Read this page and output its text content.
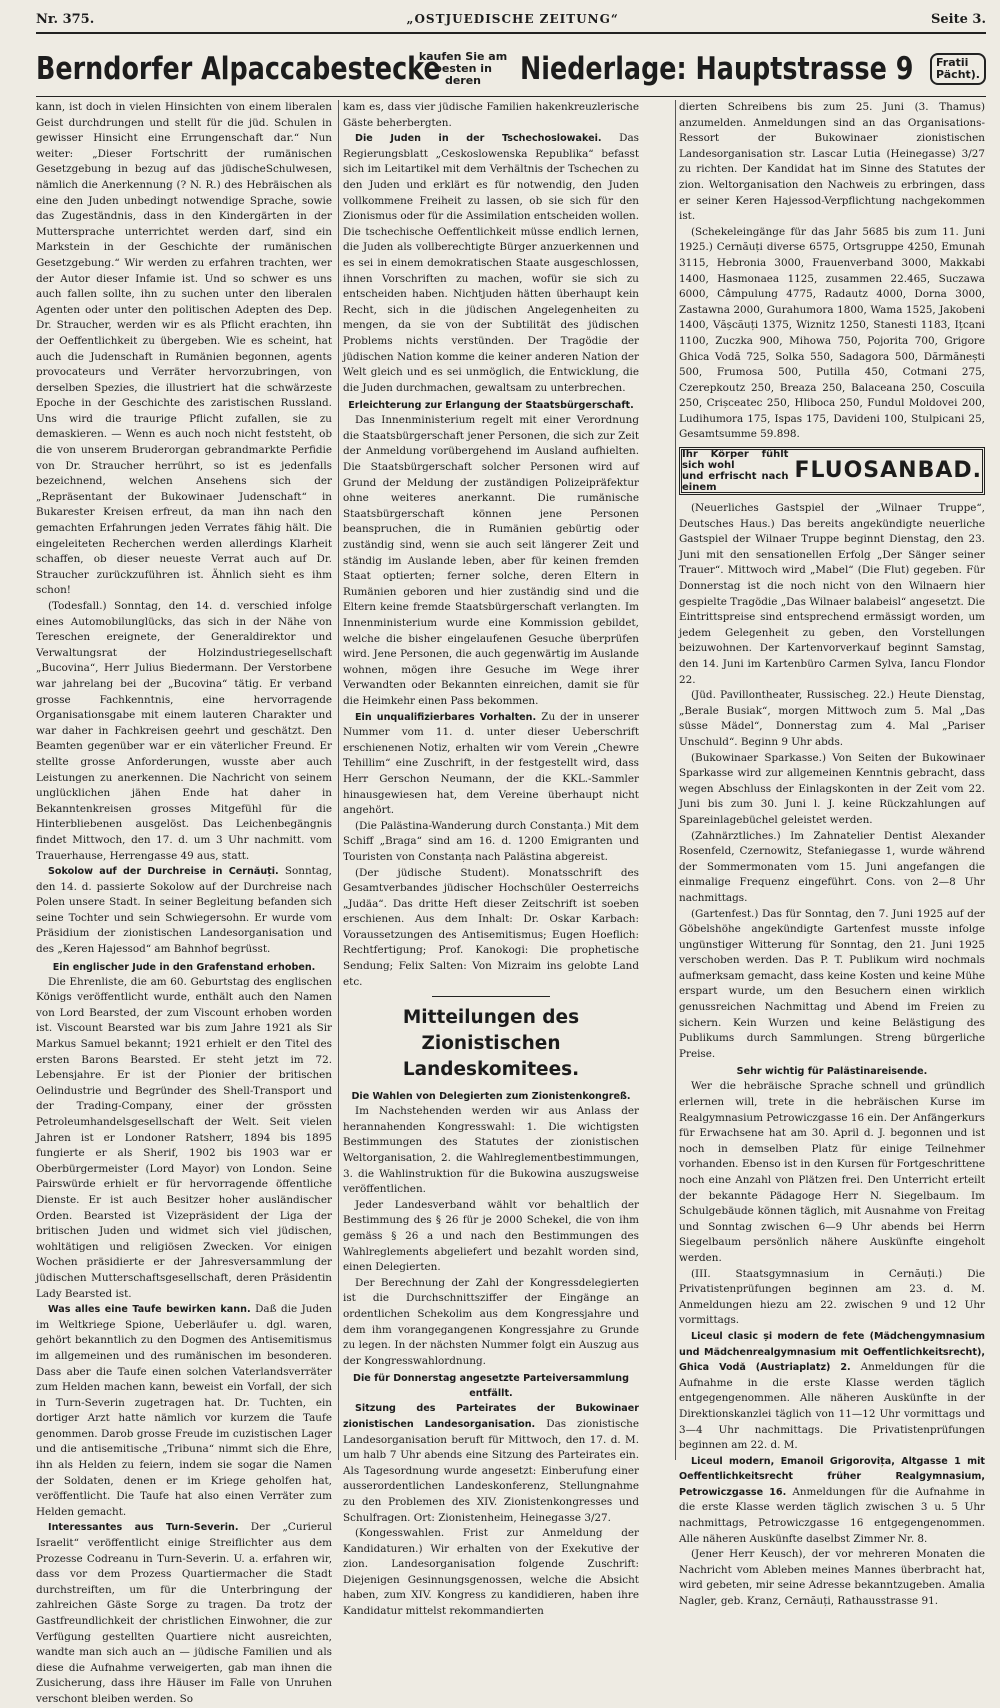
Nr. 375.	„OSTJUEDISCHE ZEITUNG“	Seite 3.
Berndorfer Alpaccabestecke
kaufen Sie am
besten in deren	Niederlage: Hauptstrasse 9	Fratii
Pächt).

kann, ist doch in vielen Hinsichten von einem liberalen Geist durchdrungen und stellt für die jüd. Schulen in gewisser Hinsicht eine Errungenschaft dar.“ Nun weiter: „Dieser Fortschritt der rumänischen Gesetzgebung in bezug auf das jüdischeSchulwesen, nämlich die Anerkennung (? N. R.) des Hebräischen als eine den Juden unbedingt notwendige Sprache, sowie das Zugeständnis, dass in den Kindergärten in der Muttersprache unterrichtet werden darf, sind ein Markstein in der Geschichte der rumänischen Gesetzgebung.“ Wir werden zu erfahren trachten, wer der Autor dieser Infamie ist. Und so schwer es uns auch fallen sollte, ihn zu suchen unter den liberalen Agenten oder unter den politischen Adepten des Dep. Dr. Straucher, werden wir es als Pflicht erachten, ihn der Oeffentlichkeit zu übergeben. Wie es scheint, hat auch die Judenschaft in Rumänien begonnen, agents provocateurs und Verräter hervorzubringen, von derselben Spezies, die illustriert hat die schwärzeste Epoche in der Geschichte des zaristischen Russland. Uns wird die traurige Pflicht zufallen, sie zu demaskieren. — Wenn es auch noch nicht feststeht, ob die von unserem Bruderorgan gebrandmarkte Perfidie von Dr. Straucher herrührt, so ist es jedenfalls bezeichnend, welchen Ansehens sich der „Repräsentant der Bukowinaer Judenschaft“ in Bukarester Kreisen erfreut, da man ihn nach den gemachten Erfahrungen jeden Verrates fähig hält. Die eingeleiteten Recherchen werden allerdings Klarheit schaffen, ob dieser neueste Verrat auch auf Dr. Straucher zurückzuführen ist. Ähnlich sieht es ihm schon!

(Todesfall.) Sonntag, den 14. d. verschied infolge eines Automobilunglücks, das sich in der Nähe von Tereschen ereignete, der Generaldirektor und Verwaltungsrat der Holzindustriegesellschaft „Bucovina“, Herr Julius Biedermann. Der Verstorbene war jahrelang bei der „Bucovina“ tätig. Er verband grosse Fachkenntnis, eine hervorragende Organisationsgabe mit einem lauteren Charakter und war daher in Fachkreisen geehrt und geschätzt. Den Beamten gegenüber war er ein väterlicher Freund. Er stellte grosse Anforderungen, wusste aber auch Leistungen zu anerkennen. Die Nachricht von seinem unglücklichen jähen Ende hat daher in Bekanntenkreisen grosses Mitgefühl für die Hinterbliebenen ausgelöst. Das Leichenbegängnis findet Mittwoch, den 17. d. um 3 Uhr nachmitt. vom Trauerhause, Herrengasse 49 aus, statt.

Sokolow auf der Durchreise in Cernăuți. Sonntag, den 14. d. passierte Sokolow auf der Durchreise nach Polen unsere Stadt. In seiner Begleitung befanden sich seine Tochter und sein Schwiegersohn. Er wurde vom Präsidium der zionistischen Landesorganisation und des „Keren Hajessod“ am Bahnhof begrüsst.

Ein englischer Jude in den Grafenstand erhoben.

Die Ehrenliste, die am 60. Geburtstag des englischen Königs veröffentlicht wurde, enthält auch den Namen von Lord Bearsted, der zum Viscount erhoben worden ist. Viscount Bearsted war bis zum Jahre 1921 als Sir Markus Samuel bekannt; 1921 erhielt er den Titel des ersten Barons Bearsted. Er steht jetzt im 72. Lebensjahre. Er ist der Pionier der britischen Oelindustrie und Begründer des Shell-Transport und der Trading-Company, einer der grössten Petroleumhandelsgesellschaft der Welt. Seit vielen Jahren ist er Londoner Ratsherr, 1894 bis 1895 fungierte er als Sherif, 1902 bis 1903 war er Oberbürgermeister (Lord Mayor) von London. Seine Pairswürde erhielt er für hervorragende öffentliche Dienste. Er ist auch Besitzer hoher ausländischer Orden. Bearsted ist Vizepräsident der Liga der britischen Juden und widmet sich viel jüdischen, wohltätigen und religiösen Zwecken. Vor einigen Wochen präsidierte er der Jahresversammlung der jüdischen Mutterschaftsgesellschaft, deren Präsidentin Lady Bearsted ist.

Was alles eine Taufe bewirken kann. Daß die Juden im Weltkriege Spione, Ueberläufer u. dgl. waren, gehört bekanntlich zu den Dogmen des Antisemitismus im allgemeinen und des rumänischen im besonderen. Dass aber die Taufe einen solchen Vaterlandsverräter zum Helden machen kann, beweist ein Vorfall, der sich in Turn-Severin zugetragen hat. Dr. Tuchten, ein dortiger Arzt hatte nämlich vor kurzem die Taufe genommen. Darob grosse Freude im cuzistischen Lager und die antisemitische „Tribuna“ nimmt sich die Ehre, ihn als Helden zu feiern, indem sie sogar die Namen der Soldaten, denen er im Kriege geholfen hat, veröffentlicht. Die Taufe hat also einen Verräter zum Helden gemacht.

Interessantes aus Turn-Severin. Der „Curierul Israelit“ veröffentlicht einige Streiflichter aus dem Prozesse Codreanu in Turn-Severin. U. a. erfahren wir, dass vor dem Prozess Quartiermacher die Stadt durchstreiften, um für die Unterbringung der zahlreichen Gäste Sorge zu tragen. Da trotz der Gastfreundlichkeit der christlichen Einwohner, die zur Verfügung gestellten Quartiere nicht ausreichten, wandte man sich auch an — jüdische Familien und als diese die Aufnahme verweigerten, gab man ihnen die Zusicherung, dass ihre Häuser im Falle von Unruhen verschont bleiben werden. So

kam es, dass vier jüdische Familien hakenkreuzlerische Gäste beherbergten.

Die Juden in der Tschechoslowakei. Das Regierungsblatt „Ceskoslowenska Republika“ befasst sich im Leitartikel mit dem Verhältnis der Tschechen zu den Juden und erklärt es für notwendig, den Juden vollkommene Freiheit zu lassen, ob sie sich für den Zionismus oder für die Assimilation entscheiden wollen. Die tschechische Oeffentlichkeit müsse endlich lernen, die Juden als vollberechtigte Bürger anzuerkennen und es sei in einem demokratischen Staate ausgeschlossen, ihnen Vorschriften zu machen, wofür sie sich zu entscheiden haben. Nichtjuden hätten überhaupt kein Recht, sich in die jüdischen Angelegenheiten zu mengen, da sie von der Subtilität des jüdischen Problems nichts verstünden. Der Tragödie der jüdischen Nation komme die keiner anderen Nation der Welt gleich und es sei unmöglich, die Entwicklung, die die Juden durchmachen, gewaltsam zu unterbrechen.

Erleichterung zur Erlangung der Staatsbürgerschaft.

Das Innenministerium regelt mit einer Verordnung die Staatsbürgerschaft jener Personen, die sich zur Zeit der Anmeldung vorübergehend im Ausland aufhielten. Die Staatsbürgerschaft solcher Personen wird auf Grund der Meldung der zuständigen Polizeipräfektur ohne weiteres anerkannt. Die rumänische Staatsbürgerschaft können jene Personen beanspruchen, die in Rumänien gebürtig oder zuständig sind, wenn sie auch seit längerer Zeit und ständig im Auslande leben, aber für keinen fremden Staat optierten; ferner solche, deren Eltern in Rumänien geboren und hier zuständig sind und die Eltern keine fremde Staatsbürgerschaft verlangten. Im Innenministerium wurde eine Kommission gebildet, welche die bisher eingelaufenen Gesuche überprüfen wird. Jene Personen, die auch gegenwärtig im Auslande wohnen, mögen ihre Gesuche im Wege ihrer Verwandten oder Bekannten einreichen, damit sie für die Heimkehr einen Pass bekommen.

Ein unqualifizierbares Vorhalten. Zu der in unserer Nummer vom 11. d. unter dieser Ueberschrift erschienenen Notiz, erhalten wir vom Verein „Chewre Tehillim“ eine Zuschrift, in der festgestellt wird, dass Herr Gerschon Neumann, der die KKL.-Sammler hinausgewiesen hat, dem Vereine überhaupt nicht angehört.

(Die Palästina-Wanderung durch Constanța.) Mit dem Schiff „Braga“ sind am 16. d. 1200 Emigranten und Touristen von Constanța nach Palästina abgereist.

(Der jüdische Student). Monatsschrift des Gesamtverbandes jüdischer Hochschüler Oesterreichs „Judäa“. Das dritte Heft dieser Zeitschrift ist soeben erschienen. Aus dem Inhalt: Dr. Oskar Karbach: Voraussetzungen des Antisemitismus; Eugen Hoeflich: Rechtfertigung; Prof. Kanokogi: Die prophetische Sendung; Felix Salten: Von Mizraim ins gelobte Land etc.

Mitteilungen des Zionistischen Landeskomitees.
Die Wahlen von Delegierten zum Zionistenkongreß.

Im Nachstehenden werden wir aus Anlass der herannahenden Kongresswahl: 1. Die wichtigsten Bestimmungen des Statutes der zionistischen Weltorganisation, 2. die Wahlreglementbestimmungen, 3. die Wahlinstruktion für die Bukowina auszugsweise veröffentlichen.

Jeder Landesverband wählt vor behaltlich der Bestimmung des § 26 für je 2000 Schekel, die von ihm gemäss § 26 a und nach den Bestimmungen des Wahlreglements abgeliefert und bezahlt worden sind, einen Delegierten.

Der Berechnung der Zahl der Kongressdelegierten ist die Durchschnittsziffer der Eingänge an ordentlichen Schekolim aus dem Kongressjahre und dem ihm vorangegangenen Kongressjahre zu Grunde zu legen. In der nächsten Nummer folgt ein Auszug aus der Kongresswahlordnung.

Die für Donnerstag angesetzte Parteiversammlung entfällt.

Sitzung des Parteirates der Bukowinaer zionistischen Landesorganisation. Das zionistische Landesorganisation beruft für Mittwoch, den 17. d. M. um halb 7 Uhr abends eine Sitzung des Parteirates ein. Als Tagesordnung wurde angesetzt: Einberufung einer ausserordentlichen Landeskonferenz, Stellungnahme zu den Problemen des XIV. Zionistenkongresses und Schulfragen. Ort: Zionistenheim, Heinegasse 3/27.

(Kongesswahlen. Frist zur Anmeldung der Kandidaturen.) Wir erhalten von der Exekutive der zion. Landesorganisation folgende Zuschrift: Diejenigen Gesinnungsgenossen, welche die Absicht haben, zum XIV. Kongress zu kandidieren, haben ihre Kandidatur mittelst rekommandierten

dierten Schreibens bis zum 25. Juni (3. Thamus) anzumelden. Anmeldungen sind an das Organisations-Ressort der Bukowinaer zionistischen Landesorganisation str. Lascar Lutia (Heinegasse) 3/27 zu richten. Der Kandidat hat im Sinne des Statutes der zion. Weltorganisation den Nachweis zu erbringen, dass er seiner Keren Hajessod-Verpflichtung nachgekommen ist.

(Schekeleingänge für das Jahr 5685 bis zum 11. Juni 1925.) Cernăuți diverse 6575, Ortsgruppe 4250, Emunah 3115, Hebronia 3000, Frauenverband 3000, Makkabi 1400, Hasmonaea 1125, zusammen 22.465, Suczawa 6000, Câmpulung 4775, Radautz 4000, Dorna 3000, Zastawna 2000, Gurahumora 1800, Wama 1525, Jakobeni 1400, Vășcăuți 1375, Wiznitz 1250, Stanesti 1183, Ițcani 1100, Zuczka 900, Mihowa 750, Pojorita 700, Grigore Ghica Vodă 725, Solka 550, Sadagora 500, Dărmănești 500, Frumosa 500, Putilla 450, Cotmani 275, Czerepkoutz 250, Breaza 250, Balaceana 250, Coscuila 250, Crișceatec 250, Hliboca 250, Fundul Moldovei 200, Ludihumora 175, Ispas 175, Davideni 100, Stulpicani 25, Gesamtsumme 59.898.

Ihr Körper fühlt sich wohl
und erfrischt nach einem
FLUOSANBAD.

(Neuerliches Gastspiel der „Wilnaer Truppe“, Deutsches Haus.) Das bereits angekündigte neuerliche Gastspiel der Wilnaer Truppe beginnt Dienstag, den 23. Juni mit den sensationellen Erfolg „Der Sänger seiner Trauer“. Mittwoch wird „Mabel“ (Die Flut) gegeben. Für Donnerstag ist die noch nicht von den Wilnaern hier gespielte Tragödie „Das Wilnaer balabeisl“ angesetzt. Die Eintrittspreise sind entsprechend ermässigt worden, um jedem Gelegenheit zu geben, den Vorstellungen beizuwohnen. Der Kartenvorverkauf beginnt Samstag, den 14. Juni im Kartenbüro Carmen Sylva, Iancu Flondor 22.

(Jüd. Pavillontheater, Russischeg. 22.) Heute Dienstag, „Berale Busiak“, morgen Mittwoch zum 5. Mal „Das süsse Mädel“, Donnerstag zum 4. Mal „Pariser Unschuld“. Beginn 9 Uhr abds.

(Bukowinaer Sparkasse.) Von Seiten der Bukowinaer Sparkasse wird zur allgemeinen Kenntnis gebracht, dass wegen Abschluss der Einlagskonten in der Zeit vom 22. Juni bis zum 30. Juni l. J. keine Rückzahlungen auf Spareinlagebüchel geleistet werden.

(Zahnärztliches.) Im Zahnatelier Dentist Alexander Rosenfeld, Czernowitz, Stefaniegasse 1, wurde während der Sommermonaten vom 15. Juni angefangen die einmalige Frequenz eingeführt. Cons. von 2—8 Uhr nachmittags.

(Gartenfest.) Das für Sonntag, den 7. Juni 1925 auf der Göbelshöhe angekündigte Gartenfest musste infolge ungünstiger Witterung für Sonntag, den 21. Juni 1925 verschoben werden. Das P. T. Publikum wird nochmals aufmerksam gemacht, dass keine Kosten und keine Mühe erspart wurde, um den Besuchern einen wirklich genussreichen Nachmittag und Abend im Freien zu sichern. Kein Wurzen und keine Belästigung des Publikums durch Sammlungen. Streng bürgerliche Preise.

Sehr wichtig für Palästinareisende.

Wer die hebräische Sprache schnell und gründlich erlernen will, trete in die hebräischen Kurse im Realgymnasium Petrowiczgasse 16 ein. Der Anfängerkurs für Erwachsene hat am 30. April d. J. begonnen und ist noch in demselben Platz für einige Teilnehmer vorhanden. Ebenso ist in den Kursen für Fortgeschrittene noch eine Anzahl von Plätzen frei. Den Unterricht erteilt der bekannte Pädagoge Herr N. Siegelbaum. Im Schulgebäude können täglich, mit Ausnahme von Freitag und Sonntag zwischen 6—9 Uhr abends bei Herrn Siegelbaum persönlich nähere Auskünfte eingeholt werden.

(III. Staatsgymnasium in Cernăuți.) Die Privatistenprüfungen beginnen am 23. d. M. Anmeldungen hiezu am 22. zwischen 9 und 12 Uhr vormittags.

Liceul clasic și modern de fete (Mädchengymnasium und Mädchenrealgymnasium mit Oeffentlichkeitsrecht), Ghica Vodă (Austriaplatz) 2. Anmeldungen für die Aufnahme in die erste Klasse werden täglich entgegengenommen. Alle näheren Auskünfte in der Direktionskanzlei täglich von 11—12 Uhr vormittags und 3—4 Uhr nachmittags. Die Privatistenprüfungen beginnen am 22. d. M.

Liceul modern, Emanoil Grigorovița, Altgasse 1 mit Oeffentlichkeitsrecht früher Realgymnasium, Petrowiczgasse 16. Anmeldungen für die Aufnahme in die erste Klasse werden täglich zwischen 3 u. 5 Uhr nachmittags, Petrowiczgasse 16 entgegengenommen. Alle näheren Auskünfte daselbst Zimmer Nr. 8.

(Jener Herr Keusch), der vor mehreren Monaten die Nachricht vom Ableben meines Mannes überbracht hat, wird gebeten, mir seine Adresse bekanntzugeben. Amalia Nagler, geb. Kranz, Cernăuți, Rathausstrasse 91.
